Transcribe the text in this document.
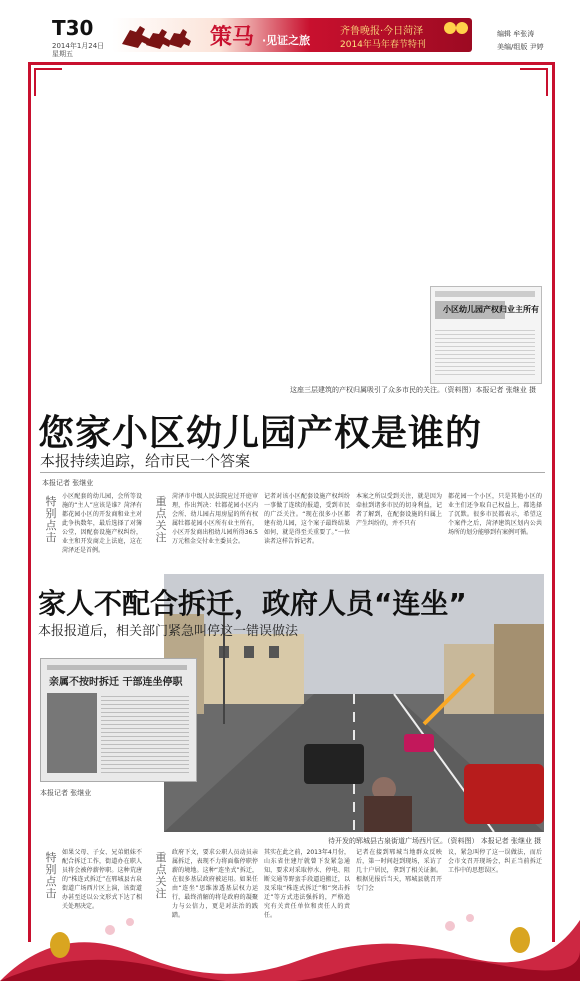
T30
2014年1月24日
星期五
策马 ·见证之旅
齐鲁晚报·今日菏泽
2014年马年春节特刊
编辑 牟张涛
美编/组版 尹婷
小区幼儿园产权归业主所有
这座三层建筑的产权归属吸引了众多市民的关注。（资料图）本报记者 张继业 摄
您家小区幼儿园产权是谁的
本报持续追踪，给市民一个答案
本报记者 张继业
特别点击
小区配套的幼儿园，会所等设施的“主人”应该是谁？菏泽有都花园小区的开发商和业主对此争执数年，最后选择了对簿公堂，因配套设施产权纠纷，业主和开发商走上法庭，这在菏泽还是首例。
重点关注
菏泽市中级人民法院应过开庭审理，作出判决：牡都花园小区内会所、幼儿园占用房屋的所有权属牡都花园小区所有业主所有，小区开发商出租幼儿园所得36.5万元租金交付业主委员会。
记者对该小区配套设施产权纠纷一事做了连续的报道，受到市民的广泛关注。“现在很多小区都建有幼儿园，这个案子最终结果如何，就是得至关重要了。”一位读者这样告诉记者。
本案之所以受到关注，就是因为牵扯到诸多市民的切身利益，记者了解到，在配套设施的归属上产生纠纷的，并不只有
都花园一个小区，只是其他小区的业主们还争取自己权益上，都选择了沉默。很多市民都表示，希望这个案件之后，菏泽建筑区划内公共场所的划分能够到有案例可循。
家人不配合拆迁，政府人员“连坐”
本报报道后，相关部门紧急叫停这一错误做法
亲属不按时拆迁 干部连坐停职
本报记者 张继业
待开发的郓城县古泉街道广场西片区。（资料图） 本报记者 张继业 摄
特别点击
如果父母、子女、兄弟姐妹不配合拆迁工作，街道办在职人员将会被停薪停职。这种荒唐的“株连式拆迁”在郓城县古泉街道广场西片区上演，该街道办甚至还以公文形式下达了相关处理决定。
重点关注
政府下文，要求公职人员动员亲属拆迁，表现不力将面临停职停薪的境地。这种“连坐式”拆迁，在很多基层政府被运用。如果任由“连坐”思维渗透基层权力运行，最终消解的将是政府的凝聚力与公信力，更是对法治的践踏。
其实在此之前，2013年4月份，山东省住建厅就曾下发紧急通知，要求对采取停水、停电、阻断交通等野蛮手段逼迫搬迁，以及采取“株连式拆迁”和“突击拆迁”等方式违法强拆的，严格追究有关责任单位和责任人的责任。
记者在接到郓城当地群众反映后，第一时间赶到现场，采访了几十户居民，拿到了相关证据。根据见报后当天，郓城县就召开专门会
议，紧急叫停了这一误做法，而后会市文召开现场会，纠正当前拆迁工作中的思想误区。
